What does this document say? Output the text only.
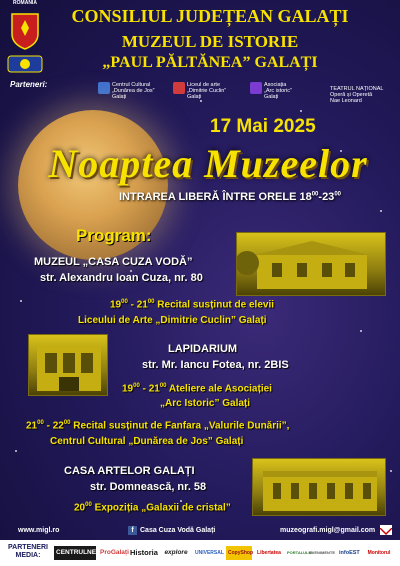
ROMÂNIA
CONSILIUL JUDEȚEAN GALAȚI
MUZEUL DE ISTORIE
„PAUL PĂLTĂNEA” GALAȚI
Parteneri:	Centrul Cultural
„Dunărea de Jos”
Galați
Liceul de arte
„Dimitrie Cuclin”
Galați
Asociația
„Arc istoric”
Galați
TEATRUL NAȚIONAL
Operă și Operetă
Nae Leonard
17 Mai 2025
Noaptea Muzeelor
INTRAREA LIBERĂ ÎNTRE ORELE $18^{00}-23^{00}$
Program:
MUZEUL „CASA CUZA VODĂ”
str. Alexandru Ioan Cuza, nr. 80
$19^{00} - 21^{00}$ Recital susținut de elevii
Liceului de Arte „Dimitrie Cuclin” Galați
LAPIDARIUM
str. Mr. Iancu Fotea, nr. 2BIS
$19^{00} - 21^{00}$ Ateliere ale Asociației
„Arc Istoric” Galați
$21^{00} - 22^{00}$ Recital susținut de Fanfara „Valurile Dunării”,
Centrul Cultural „Dunărea de Jos” Galați
CASA ARTELOR GALAȚI
str. Domnească, nr. 58
$20^{00}$ Expoziția „Galaxii de cristal”
www.migl.ro	f Casa Cuza Vodă Galați	muzeografi.migl@gmail.com
PARTENERI
MEDIA:	CENTRULNEWS
ProGalați Historia	explore	UNIVERSAL CopyShop Libertatea	PORTALULUI
EVENIMENTE infoEST	Monitorul
